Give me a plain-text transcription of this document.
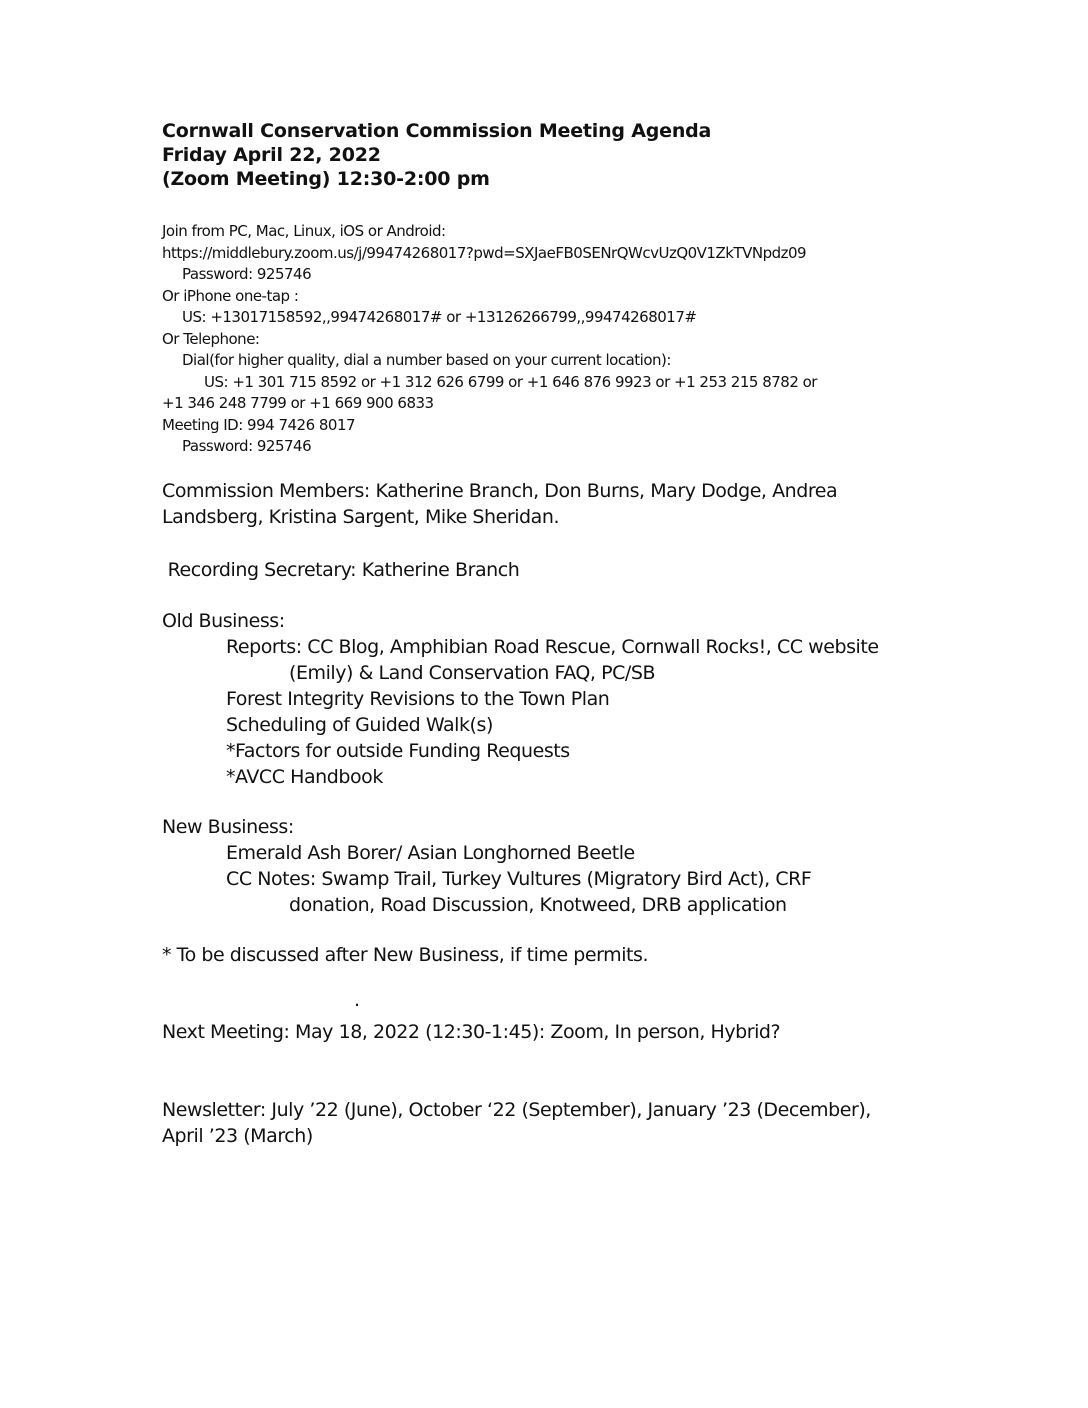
Cornwall Conservation Commission Meeting Agenda
Friday April 22, 2022
(Zoom Meeting) 12:30-2:00 pm
Join from PC, Mac, Linux, iOS or Android:
https://middlebury.zoom.us/j/99474268017?pwd=SXJaeFB0SENrQWcvUzQ0V1ZkTVNpdz09
Password: 925746
Or iPhone one-tap :
US: +13017158592,,99474268017# or +13126266799,,99474268017#
Or Telephone:
Dial(for higher quality, dial a number based on your current location):
US: +1 301 715 8592 or +1 312 626 6799 or +1 646 876 9923 or +1 253 215 8782 or
+1 346 248 7799 or +1 669 900 6833
Meeting ID: 994 7426 8017
Password: 925746
Commission Members: Katherine Branch, Don Burns, Mary Dodge, Andrea
Landsberg, Kristina Sargent, Mike Sheridan.
Recording Secretary: Katherine Branch
Old Business:
Reports: CC Blog, Amphibian Road Rescue, Cornwall Rocks!, CC website
(Emily) & Land Conservation FAQ, PC/SB
Forest Integrity Revisions to the Town Plan
Scheduling of Guided Walk(s)
*Factors for outside Funding Requests
*AVCC Handbook
New Business:
Emerald Ash Borer/ Asian Longhorned Beetle
CC Notes: Swamp Trail, Turkey Vultures (Migratory Bird Act), CRF
donation, Road Discussion, Knotweed, DRB application
* To be discussed after New Business, if time permits.
.
Next Meeting: May 18, 2022 (12:30-1:45): Zoom, In person, Hybrid?
Newsletter: July ’22 (June), October ‘22 (September), January ’23 (December),
April ’23 (March)
